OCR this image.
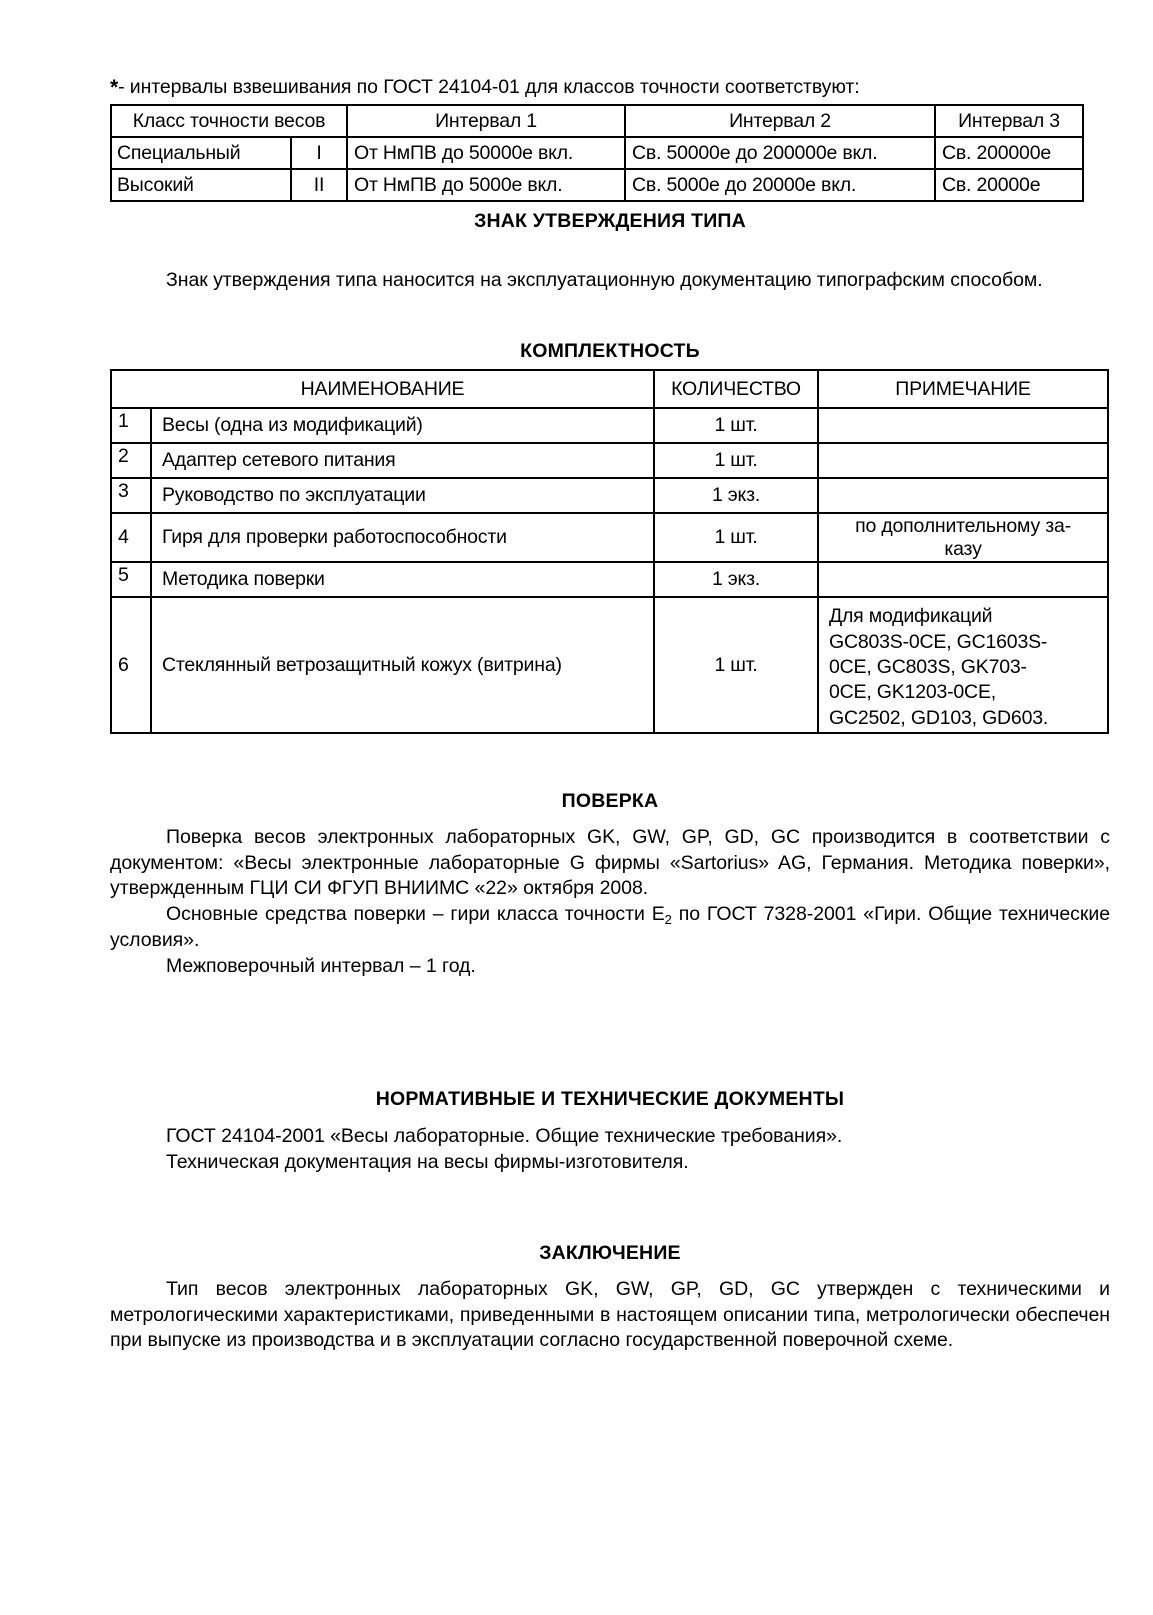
*- интервалы взвешивания по ГОСТ 24104-01 для классов точности соответствуют:
Класс точности весов		Интервал 1	Интервал 2	Интервал 3
Специальный	I	От НмПВ до 50000е вкл.	Св. 50000е до 200000е вкл.	Св. 200000е
Высокий	II	От НмПВ до 5000е вкл.	Св. 5000е до 20000е вкл.	Св. 20000е
ЗНАК УТВЕРЖДЕНИЯ ТИПА

Знак утверждения типа наносится на эксплуатационную документацию типографским способом.

КОМПЛЕКТНОСТЬ
НАИМЕНОВАНИЕ		КОЛИЧЕСТВО	ПРИМЕЧАНИЕ
1	Весы (одна из модификаций)	1 шт.	
2	Адаптер сетевого питания	1 шт.	
3	Руководство по эксплуатации	1 экз.	
4	Гиря для проверки работоспособности	1 шт.	по дополнительному за-
казу

5	Методика поверки	1 экз.	
6	Стеклянный ветрозащитный кожух (витрина)	1 шт.	Для модификаций
GC803S-0CE, GC1603S-
0CE, GC803S, GK703-
0CE, GK1203-0CE,
GC2502, GD103, GD603.
ПОВЕРКА

Поверка весов электронных лабораторных GK, GW, GP, GD, GC производится в соответствии с документом: «Весы электронные лабораторные G фирмы «Sartorius» AG, Германия. Методика поверки», утвержденным ГЦИ СИ ФГУП ВНИИМС «22» октября 2008.

Основные средства поверки – гири класса точности $Е_2$ по ГОСТ 7328-2001 «Гири. Общие технические условия».

Межповерочный интервал – 1 год.

НОРМАТИВНЫЕ И ТЕХНИЧЕСКИЕ ДОКУМЕНТЫ

ГОСТ 24104-2001 «Весы лабораторные. Общие технические требования».

Техническая документация на весы фирмы-изготовителя.

ЗАКЛЮЧЕНИЕ

Тип весов электронных лабораторных GK, GW, GP, GD, GC утвержден с техническими и метрологическими характеристиками, приведенными в настоящем описании типа, метрологически обеспечен при выпуске из производства и в эксплуатации согласно государственной поверочной схеме.
